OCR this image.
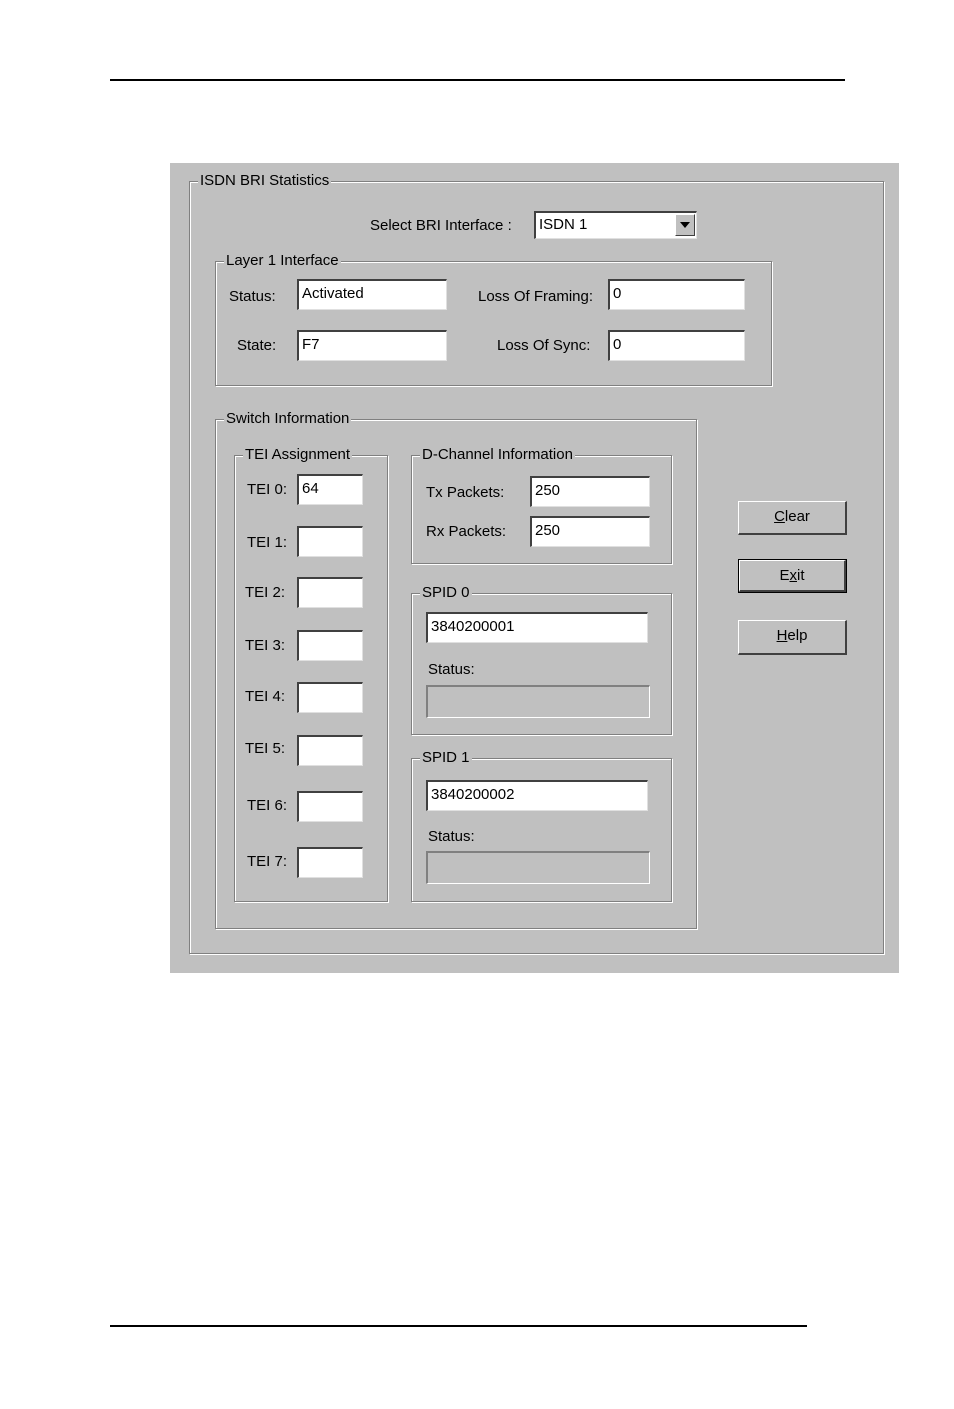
ISDN BRI Statistics
Select BRI Interface :	ISDN 1
Layer 1 Interface
Status:	Activated
State:	F7
Loss Of Framing:	0
Loss Of Sync:	0
Switch Information
TEI Assignment
TEI 0: 64
TEI 1:
TEI 2:
TEI 3:
TEI 4:
TEI 5:
TEI 6:
TEI 7:
D-Channel Information
Tx Packets:	250
Rx Packets:	250
SPID 0
3840200001
Status:
SPID 1
3840200002
Status:
Clear
Exit
Help
